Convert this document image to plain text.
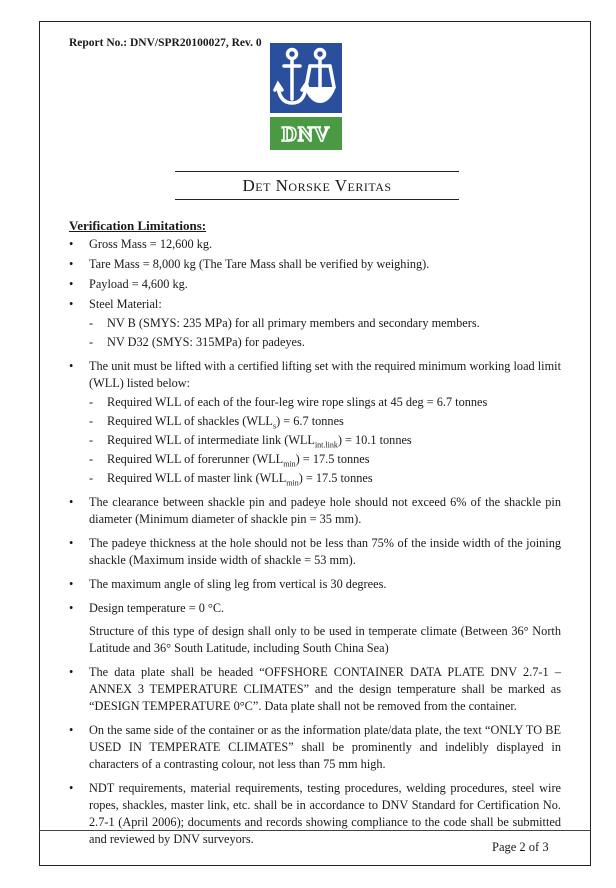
Report No.: DNV/SPR20100027, Rev. 0
DNV
Det Norske Veritas
Verification Limitations:
• Gross Mass = 12,600 kg.
• Tare Mass = 8,000 kg (The Tare Mass shall be verified by weighing).
• Payload = 4,600 kg.
• Steel Material:
- NV B (SMYS: 235 MPa) for all primary members and secondary members.
- NV D32 (SMYS: 315MPa) for padeyes.
• The unit must be lifted with a certified lifting set with the required minimum working load limit (WLL) listed below:
- Required WLL of each of the four-leg wire rope slings at 45 deg = 6.7 tonnes
- Required WLL of shackles $(WLL_s) = 6.7$ tonnes
- Required WLL of intermediate link $(WLL_{int.link}) = 10.1$ tonnes
- Required WLL of forerunner $(WLL_{min}) = 17.5$ tonnes
- Required WLL of master link $(WLL_{min}) = 17.5$ tonnes
• The clearance between shackle pin and padeye hole should not exceed 6% of the shackle pin diameter (Minimum diameter of shackle pin = 35 mm).
• The padeye thickness at the hole should not be less than 75% of the inside width of the joining shackle (Maximum inside width of shackle = 53 mm).
• The maximum angle of sling leg from vertical is 30 degrees.
• Design temperature = 0 °C.
Structure of this type of design shall only to be used in temperate climate (Between 36° North Latitude and 36° South Latitude, including South China Sea)
• The data plate shall be headed “OFFSHORE CONTAINER DATA PLATE DNV 2.7-1 – ANNEX 3 TEMPERATURE CLIMATES” and the design temperature shall be marked as “DESIGN TEMPERATURE 0°C”. Data plate shall not be removed from the container.
• On the same side of the container or as the information plate/data plate, the text “ONLY TO BE USED IN TEMPERATE CLIMATES” shall be prominently and indelibly displayed in characters of a contrasting colour, not less than 75 mm high.
• NDT requirements, material requirements, testing procedures, welding procedures, steel wire ropes, shackles, master link, etc. shall be in accordance to DNV Standard for Certification No. 2.7-1 (April 2006); documents and records showing compliance to the code shall be submitted and reviewed by DNV surveyors.
Page 2 of 3
